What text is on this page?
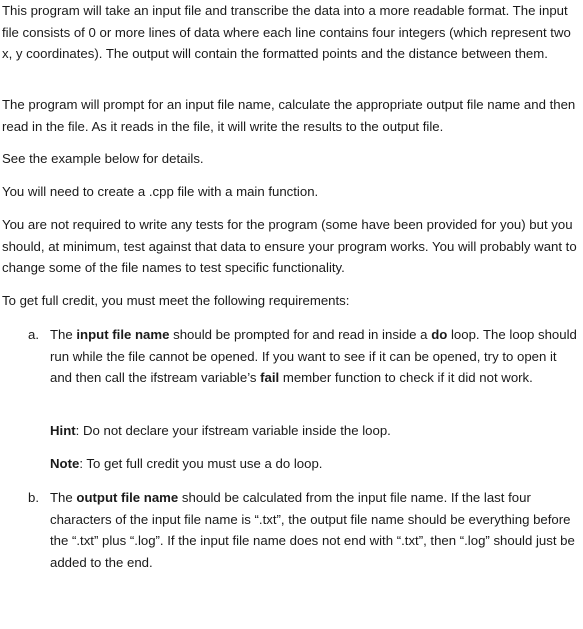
This program will take an input file and transcribe the data into a more readable format. The input file consists of 0 or more lines of data where each line contains four integers (which represent two x, y coordinates). The output will contain the formatted points and the distance between them.

The program will prompt for an input file name, calculate the appropriate output file name and then read in the file. As it reads in the file, it will write the results to the output file.

See the example below for details.

You will need to create a .cpp file with a main function.

You are not required to write any tests for the program (some have been provided for you) but you should, at minimum, test against that data to ensure your program works. You will probably want to change some of the file names to test specific functionality.

To get full credit, you must meet the following requirements:

a. The input file name should be prompted for and read in inside a do loop. The loop should run while the file cannot be opened. If you want to see if it can be opened, try to open it and then call the ifstream variable’s fail member function to check if it did not work.
Hint: Do not declare your ifstream variable inside the loop.
Note: To get full credit you must use a do loop.
b. The output file name should be calculated from the input file name. If the last four characters of the input file name is “.txt”, the output file name should be everything before the “.txt” plus “.log”. If the input file name does not end with “.txt”, then “.log” should just be added to the end.
